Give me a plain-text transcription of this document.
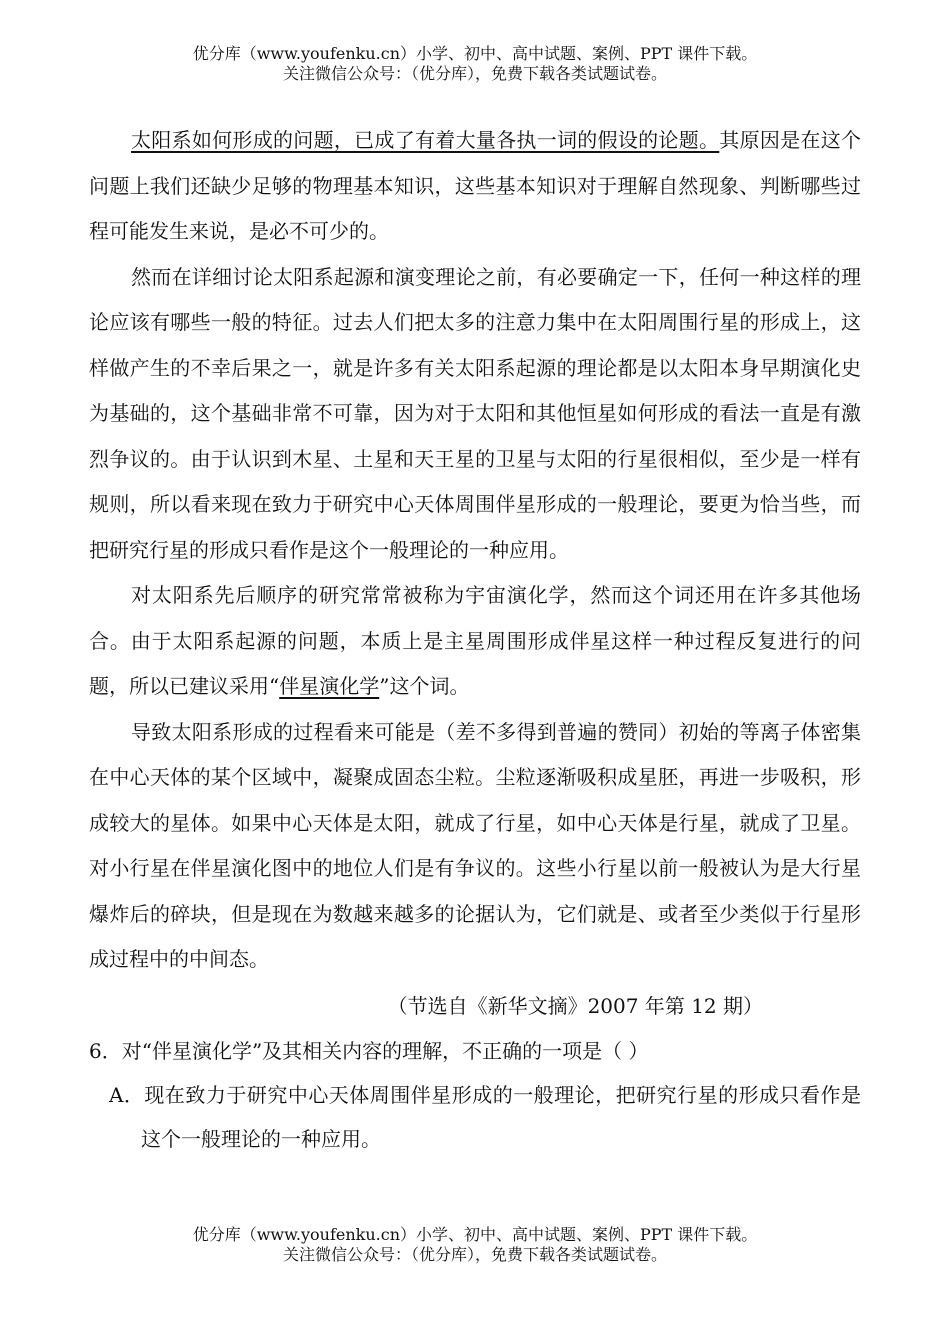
优分库（www.youfenku.cn）小学、初中、高中试题、案例、PPT 课件下载。
关注微信公众号：（优分库），免费下载各类试题试卷。

太阳系如何形成的问题，已成了有着大量各执一词的假设的论题。其原因是在这个问题上我们还缺少足够的物理基本知识，这些基本知识对于理解自然现象、判断哪些过程可能发生来说，是必不可少的。

然而在详细讨论太阳系起源和演变理论之前，有必要确定一下，任何一种这样的理论应该有哪些一般的特征。过去人们把太多的注意力集中在太阳周围行星的形成上，这样做产生的不幸后果之一，就是许多有关太阳系起源的理论都是以太阳本身早期演化史为基础的，这个基础非常不可靠，因为对于太阳和其他恒星如何形成的看法一直是有激烈争议的。由于认识到木星、土星和天王星的卫星与太阳的行星很相似，至少是一样有规则，所以看来现在致力于研究中心天体周围伴星形成的一般理论，要更为恰当些，而把研究行星的形成只看作是这个一般理论的一种应用。

对太阳系先后顺序的研究常常被称为宇宙演化学，然而这个词还用在许多其他场合。由于太阳系起源的问题，本质上是主星周围形成伴星这样一种过程反复进行的问题，所以已建议采用“伴星演化学”这个词。

导致太阳系形成的过程看来可能是（差不多得到普遍的赞同）初始的等离子体密集在中心天体的某个区域中，凝聚成固态尘粒。尘粒逐渐吸积成星胚，再进一步吸积，形成较大的星体。如果中心天体是太阳，就成了行星，如中心天体是行星，就成了卫星。对小行星在伴星演化图中的地位人们是有争议的。这些小行星以前一般被认为是大行星爆炸后的碎块，但是现在为数越来越多的论据认为，它们就是、或者至少类似于行星形成过程中的中间态。

（节选自《新华文摘》2007 年第 12 期）

6．对“伴星演化学”及其相关内容的理解，不正确的一项是（ ）

A．现在致力于研究中心天体周围伴星形成的一般理论，把研究行星的形成只看作是这个一般理论的一种应用。

优分库（www.youfenku.cn）小学、初中、高中试题、案例、PPT 课件下载。
关注微信公众号：（优分库），免费下载各类试题试卷。
